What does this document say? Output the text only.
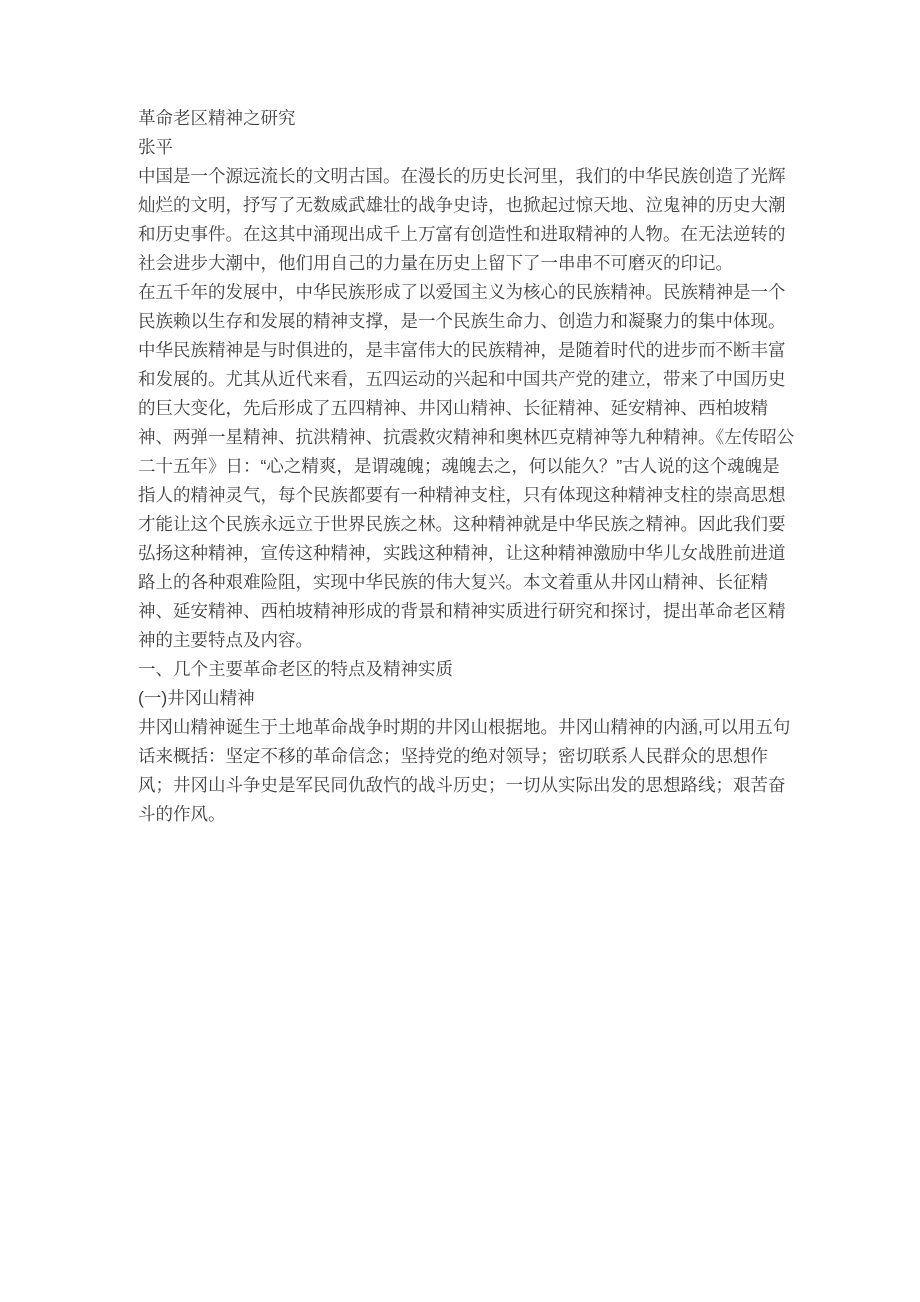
革命老区精神之研究

张平

中国是一个源远流长的文明古国。在漫长的历史长河里，我们的中华民族创造了光辉灿烂的文明，抒写了无数威武雄壮的战争史诗，也掀起过惊天地、泣鬼神的历史大潮和历史事件。在这其中涌现出成千上万富有创造性和进取精神的人物。在无法逆转的社会进步大潮中，他们用自己的力量在历史上留下了一串串不可磨灭的印记。

在五千年的发展中，中华民族形成了以爱国主义为核心的民族精神。民族精神是一个民族赖以生存和发展的精神支撑，是一个民族生命力、创造力和凝聚力的集中体现。中华民族精神是与时俱进的，是丰富伟大的民族精神，是随着时代的进步而不断丰富和发展的。尤其从近代来看，五四运动的兴起和中国共产党的建立，带来了中国历史的巨大变化，先后形成了五四精神、井冈山精神、长征精神、延安精神、西柏坡精神、两弹一星精神、抗洪精神、抗震救灾精神和奥林匹克精神等九种精神。《左传昭公二十五年》日：“心之精爽，是谓魂魄；魂魄去之，何以能久？”古人说的这个魂魄是指人的精神灵气，每个民族都要有一种精神支柱，只有体现这种精神支柱的崇高思想才能让这个民族永远立于世界民族之林。这种精神就是中华民族之精神。因此我们要弘扬这种精神，宣传这种精神，实践这种精神，让这种精神激励中华儿女战胜前进道路上的各种艰难险阻，实现中华民族的伟大复兴。本文着重从井冈山精神、长征精神、延安精神、西柏坡精神形成的背景和精神实质进行研究和探讨，提出革命老区精神的主要特点及内容。

一、几个主要革命老区的特点及精神实质
(一)井冈山精神

井冈山精神诞生于土地革命战争时期的井冈山根据地。井冈山精神的内涵,可以用五句话来概括：坚定不移的革命信念；坚持党的绝对领导；密切联系人民群众的思想作风；井冈山斗争史是军民同仇敌忾的战斗历史；一切从实际出发的思想路线；艰苦奋斗的作风。
